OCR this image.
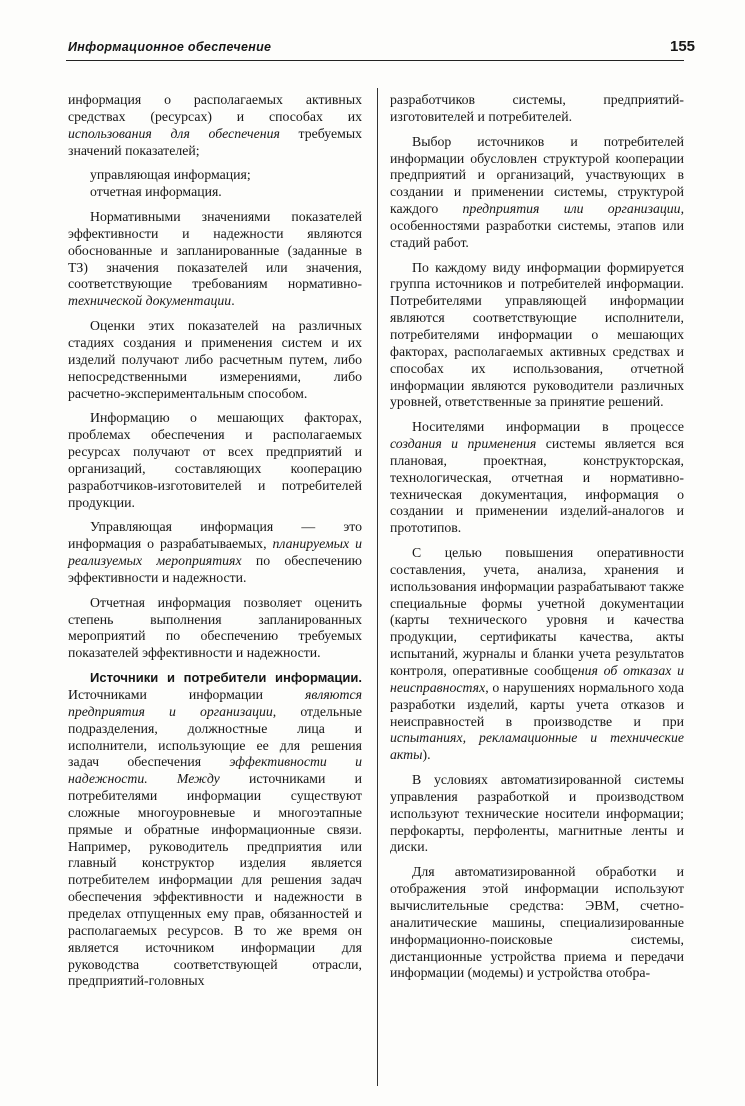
Информационное обеспечение	155

информация о располагаемых активных средствах (ресурсах) и способах их использования для обеспечения требуемых значений показателей;

управляющая информация;

отчетная информация.

Нормативными значениями показателей эффективности и надежности являются обоснованные и запланированные (заданные в ТЗ) значения показателей или значения, соответствующие требованиям нормативно-технической документации.

Оценки этих показателей на различных стадиях создания и применения систем и их изделий получают либо расчетным путем, либо непосредственными измерениями, либо расчетно-экспериментальным способом.

Информацию о мешающих факторах, проблемах обеспечения и располагаемых ресурсах получают от всех предприятий и организаций, составляющих кооперацию разработчиков-изготовителей и потребителей продукции.

Управляющая информация — это информация о разрабатываемых, планируемых и реализуемых мероприятиях по обеспечению эффективности и надежности.

Отчетная информация позволяет оценить степень выполнения запланированных мероприятий по обеспечению требуемых показателей эффективности и надежности.

Источники и потребители информации. Источниками информации являются предприятия и организации, отдельные подразделения, должностные лица и исполнители, использующие ее для решения задач обеспечения эффективности и надежности. Между источниками и потребителями информации существуют сложные многоуровневые и многоэтапные прямые и обратные информационные связи. Например, руководитель предприятия или главный конструктор изделия является потребителем информации для решения задач обеспечения эффективности и надежности в пределах отпущенных ему прав, обязанностей и располагаемых ресурсов. В то же время он является источником информации для руководства соответствующей отрасли, предприятий-головных

разработчиков системы, предприятий-изготовителей и потребителей.

Выбор источников и потребителей информации обусловлен структурой кооперации предприятий и организаций, участвующих в создании и применении системы, структурой каждого предприятия или организации, особенностями разработки системы, этапов или стадий работ.

По каждому виду информации формируется группа источников и потребителей информации. Потребителями управляющей информации являются соответствующие исполнители, потребителями информации о мешающих факторах, располагаемых активных средствах и способах их использования, отчетной информации являются руководители различных уровней, ответственные за принятие решений.

Носителями информации в процессе создания и применения системы является вся плановая, проектная, конструкторская, технологическая, отчетная и нормативно-техническая документация, информация о создании и применении изделий-аналогов и прототипов.

С целью повышения оперативности составления, учета, анализа, хранения и использования информации разрабатывают также специальные формы учетной документации (карты технического уровня и качества продукции, сертификаты качества, акты испытаний, журналы и бланки учета результатов контроля, оперативные сообщения об отказах и неисправностях, о нарушениях нормального хода разработки изделий, карты учета отказов и неисправностей в производстве и при испытаниях, рекламационные и технические акты).

В условиях автоматизированной системы управления разработкой и производством используют технические носители информации; перфокарты, перфоленты, магнитные ленты и диски.

Для автоматизированной обработки и отображения этой информации используют вычислительные средства: ЭВМ, счетно-аналитические машины, специализированные информационно-поисковые системы, дистанционные устройства приема и передачи информации (модемы) и устройства отобра-
